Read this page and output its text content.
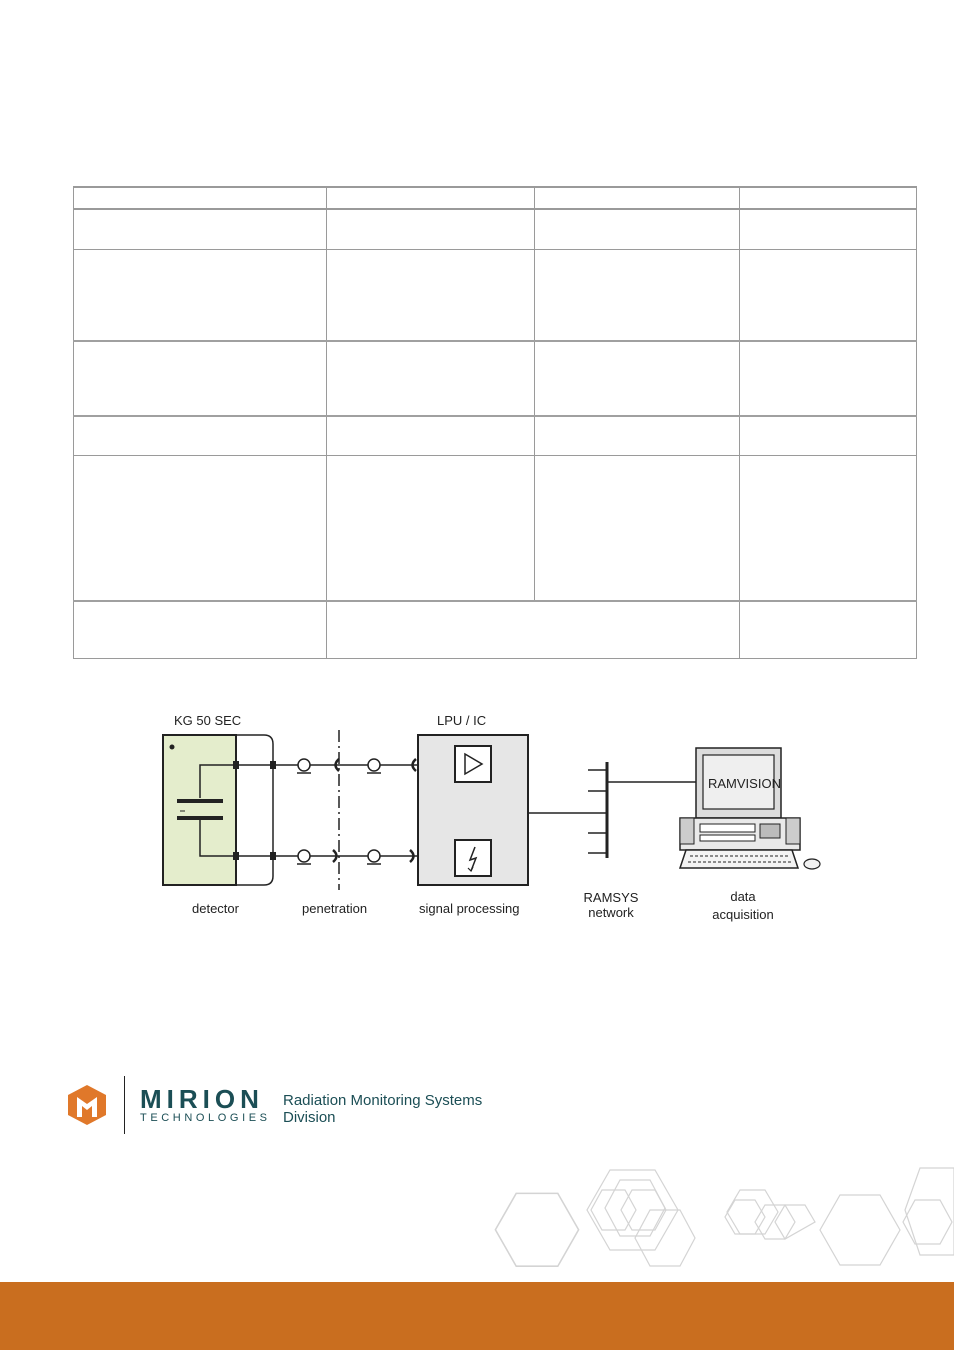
KG 50 SEC	LPU / IC
RAMVISION
detector	penetration	signal processing
RAMSYS
network
data
acquisition
MIRION
TECHNOLOGIES
Radiation Monitoring Systems
Division
